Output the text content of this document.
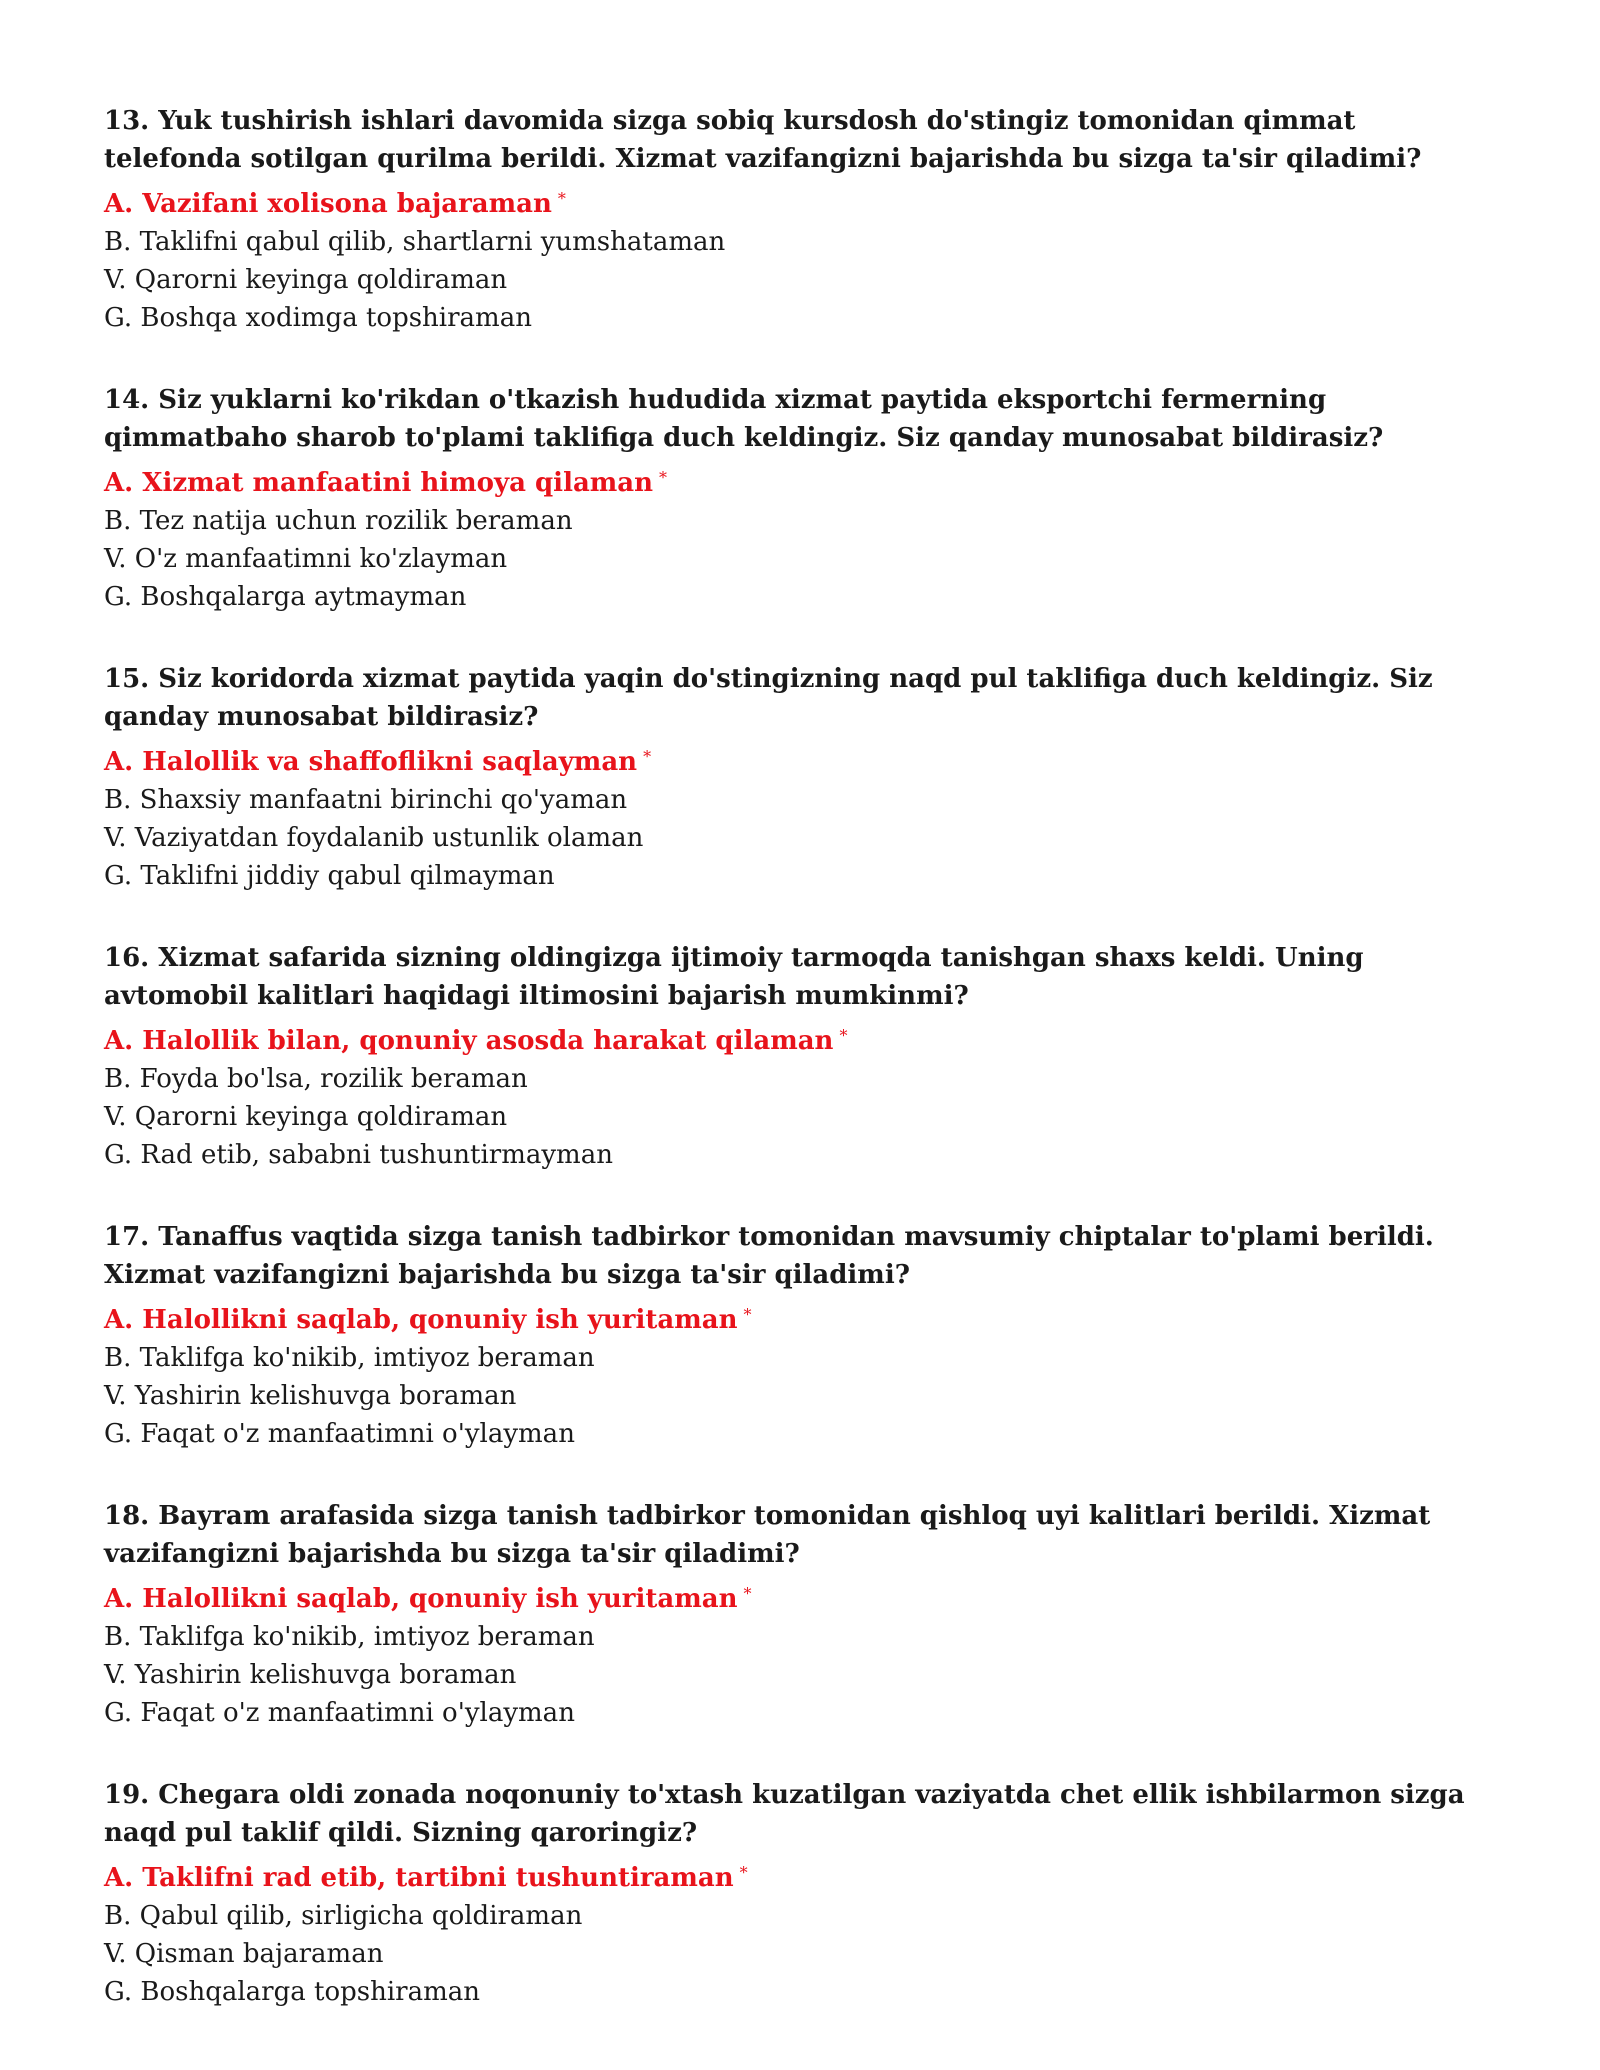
13. Yuk tushirish ishlari davomida sizga sobiq kursdosh do'stingiz tomonidan qimmat telefonda sotilgan qurilma berildi. Xizmat vazifangizni bajarishda bu sizga ta'sir qiladimi?

A. Vazifani xolisona bajaraman *

B. Taklifni qabul qilib, shartlarni yumshataman

V. Qarorni keyinga qoldiraman

G. Boshqa xodimga topshiraman

14. Siz yuklarni ko'rikdan o'tkazish hududida xizmat paytida eksportchi fermerning qimmatbaho sharob to'plami taklifiga duch keldingiz. Siz qanday munosabat bildirasiz?

A. Xizmat manfaatini himoya qilaman *

B. Tez natija uchun rozilik beraman

V. O'z manfaatimni ko'zlayman

G. Boshqalarga aytmayman

15. Siz koridorda xizmat paytida yaqin do'stingizning naqd pul taklifiga duch keldingiz. Siz qanday munosabat bildirasiz?

A. Halollik va shaffoflikni saqlayman *

B. Shaxsiy manfaatni birinchi qo'yaman

V. Vaziyatdan foydalanib ustunlik olaman

G. Taklifni jiddiy qabul qilmayman

16. Xizmat safarida sizning oldingizga ijtimoiy tarmoqda tanishgan shaxs keldi. Uning avtomobil kalitlari haqidagi iltimosini bajarish mumkinmi?

A. Halollik bilan, qonuniy asosda harakat qilaman *

B. Foyda bo'lsa, rozilik beraman

V. Qarorni keyinga qoldiraman

G. Rad etib, sababni tushuntirmayman

17. Tanaffus vaqtida sizga tanish tadbirkor tomonidan mavsumiy chiptalar to'plami berildi. Xizmat vazifangizni bajarishda bu sizga ta'sir qiladimi?

A. Halollikni saqlab, qonuniy ish yuritaman *

B. Taklifga ko'nikib, imtiyoz beraman

V. Yashirin kelishuvga boraman

G. Faqat o'z manfaatimni o'ylayman

18. Bayram arafasida sizga tanish tadbirkor tomonidan qishloq uyi kalitlari berildi. Xizmat vazifangizni bajarishda bu sizga ta'sir qiladimi?

A. Halollikni saqlab, qonuniy ish yuritaman *

B. Taklifga ko'nikib, imtiyoz beraman

V. Yashirin kelishuvga boraman

G. Faqat o'z manfaatimni o'ylayman

19. Chegara oldi zonada noqonuniy to'xtash kuzatilgan vaziyatda chet ellik ishbilarmon sizga naqd pul taklif qildi. Sizning qaroringiz?

A. Taklifni rad etib, tartibni tushuntiraman *

B. Qabul qilib, sirligicha qoldiraman

V. Qisman bajaraman

G. Boshqalarga topshiraman
